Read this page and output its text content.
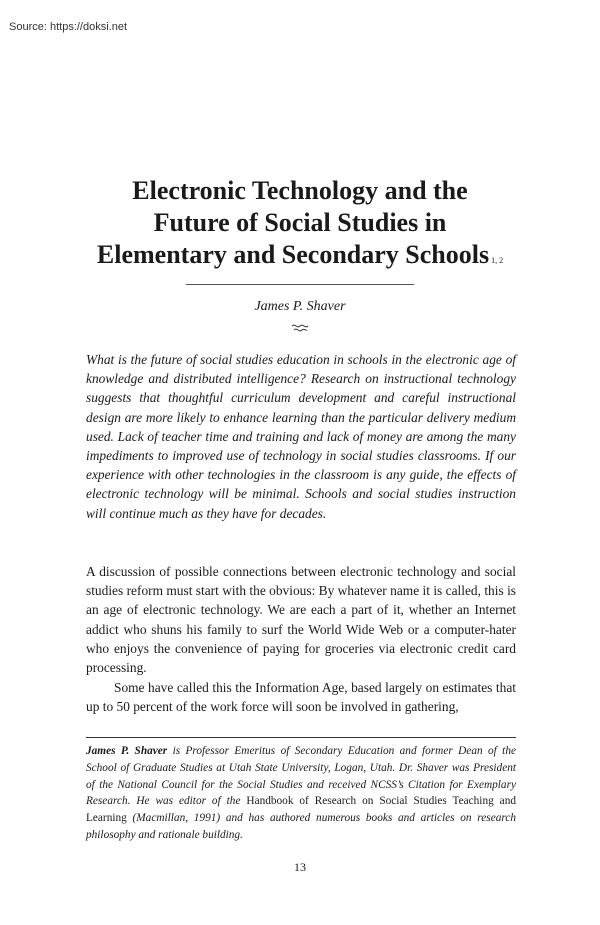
Source: https://doksi.net
Electronic Technology and the
Future of Social Studies in
Elementary and Secondary Schools $^{1, 2}$
James P. Shaver
What is the future of social studies education in schools in the electronic age of knowledge and distributed intelligence? Research on instructional technology suggests that thoughtful curriculum development and careful instructional design are more likely to enhance learning than the particular delivery medium used. Lack of teacher time and training and lack of money are among the many impediments to improved use of technology in social studies classrooms. If our experience with other technologies in the classroom is any guide, the effects of electronic technology will be minimal. Schools and social studies instruction will continue much as they have for decades.
A discussion of possible connections between electronic technology and social studies reform must start with the obvious: By whatever name it is called, this is an age of electronic technology. We are each a part of it, whether an Internet addict who shuns his family to surf the World Wide Web or a computer-hater who enjoys the convenience of paying for groceries via electronic credit card processing.
Some have called this the Information Age, based largely on estimates that up to 50 percent of the work force will soon be involved in gathering,
James P. Shaver is Professor Emeritus of Secondary Education and former Dean of the School of Graduate Studies at Utah State University, Logan, Utah. Dr. Shaver was President of the National Council for the Social Studies and received NCSS’s Citation for Exemplary Research. He was editor of the Handbook of Research on Social Studies Teaching and Learning (Macmillan, 1991) and has authored numerous books and articles on research philosophy and rationale building.
13
